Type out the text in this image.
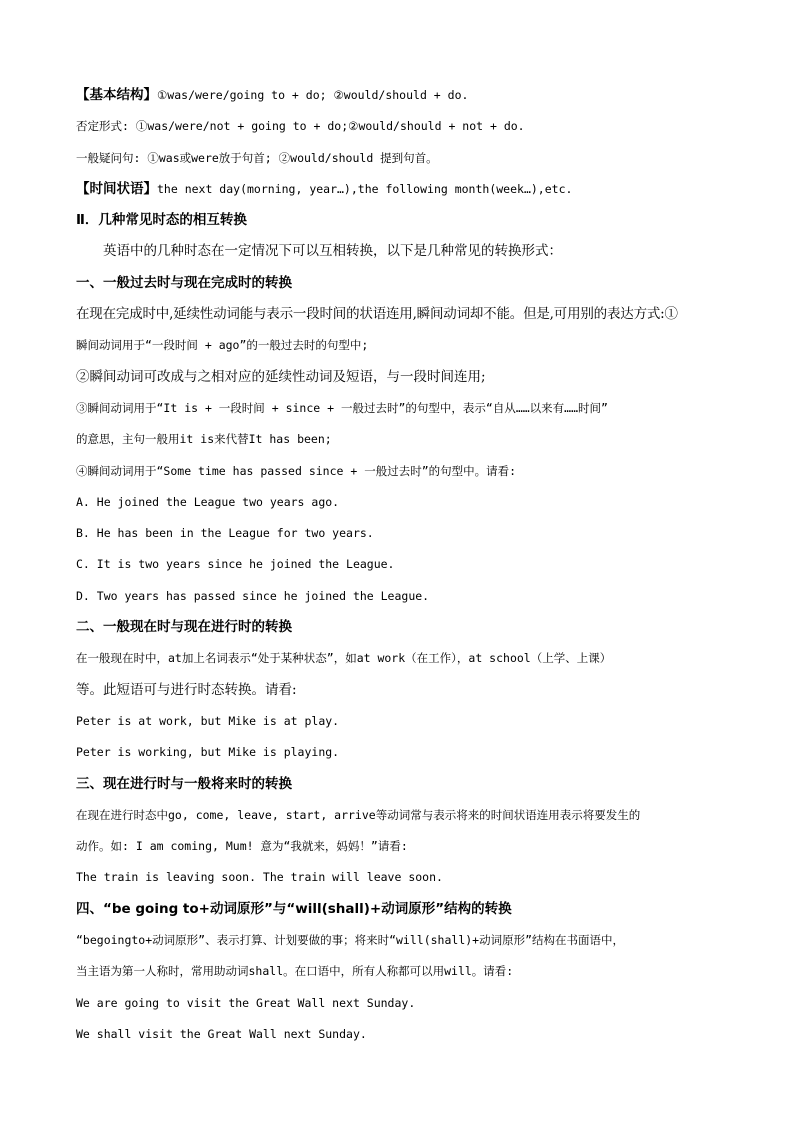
【基本结构】①was/were/going to + do; ②would/should + do.
否定形式: ①was/were/not + going to + do;②would/should + not + do.
一般疑问句: ①was或were放于句首; ②would/should 提到句首。
【时间状语】the next day(morning, year…),the following month(week…),etc.
Ⅱ．几种常见时态的相互转换
英语中的几种时态在一定情况下可以互相转换，以下是几种常见的转换形式：
一、一般过去时与现在完成时的转换
在现在完成时中,延续性动词能与表示一段时间的状语连用,瞬间动词却不能。但是,可用别的表达方式:①
瞬间动词用于“一段时间 + ago”的一般过去时的句型中;
②瞬间动词可改成与之相对应的延续性动词及短语，与一段时间连用;
③瞬间动词用于“It is + 一段时间 + since + 一般过去时”的句型中，表示“自从……以来有……时间”
的意思，主句一般用it is来代替It has been;
④瞬间动词用于“Some time has passed since + 一般过去时”的句型中。请看:
A. He joined the League two years ago.
B. He has been in the League for two years.
C. It is two years since he joined the League.
D. Two years has passed since he joined the League.
二、一般现在时与现在进行时的转换
在一般现在时中，at加上名词表示“处于某种状态”，如at work（在工作），at school（上学、上课）
等。此短语可与进行时态转换。请看:
Peter is at work, but Mike is at play.
Peter is working, but Mike is playing.
三、现在进行时与一般将来时的转换
在现在进行时态中go, come, leave, start, arrive等动词常与表示将来的时间状语连用表示将要发生的
动作。如: I am coming, Mum! 意为“我就来，妈妈！”请看:
The train is leaving soon. The train will leave soon.
四、“be going to+动词原形”与“will(shall)+动词原形”结构的转换
“begoingto+动词原形”、表示打算、计划要做的事；将来时“will(shall)+动词原形”结构在书面语中，
当主语为第一人称时，常用助动词shall。在口语中，所有人称都可以用will。请看:
We are going to visit the Great Wall next Sunday.
We shall visit the Great Wall next Sunday.
